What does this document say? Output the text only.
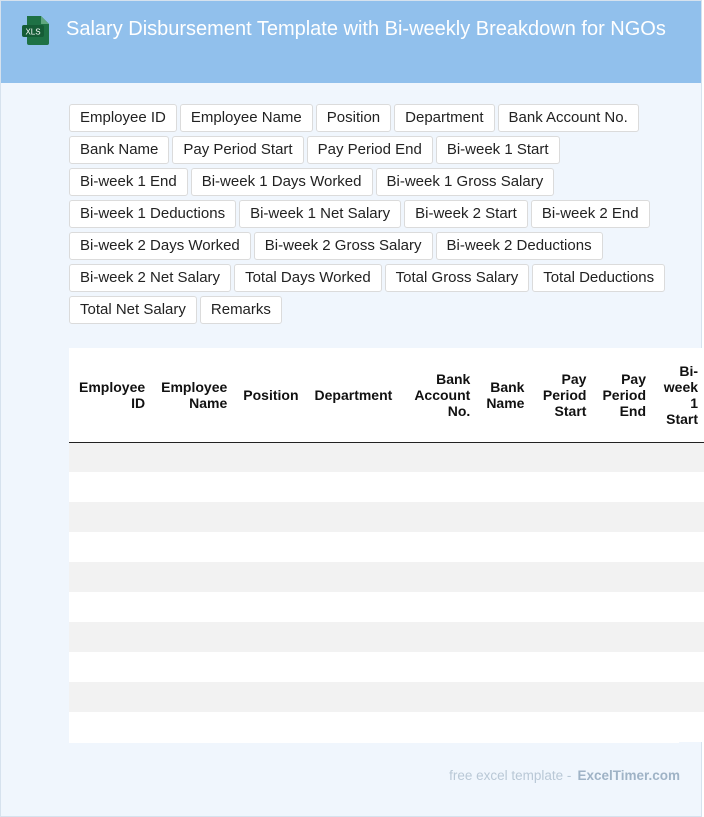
XLS	Salary Disbursement Template with Bi-weekly Breakdown for NGOs
Employee ID	Employee Name	Position	Department	Bank Account No.
Bank Name	Pay Period Start	Pay Period End	Bi-week 1 Start
Bi-week 1 End	Bi-week 1 Days Worked	Bi-week 1 Gross Salary
Bi-week 1 Deductions	Bi-week 1 Net Salary	Bi-week 2 Start	Bi-week 2 End
Bi-week 2 Days Worked	Bi-week 2 Gross Salary	Bi-week 2 Deductions
Bi-week 2 Net Salary	Total Days Worked	Total Gross Salary	Total Deductions
Total Net Salary	Remarks
Employee ID	Employee Name	Position	Department	Bank Account No.	Bank Name	Pay Period Start	Pay Period End	Bi-week 1 Start

free excel template - ExcelTimer.com
